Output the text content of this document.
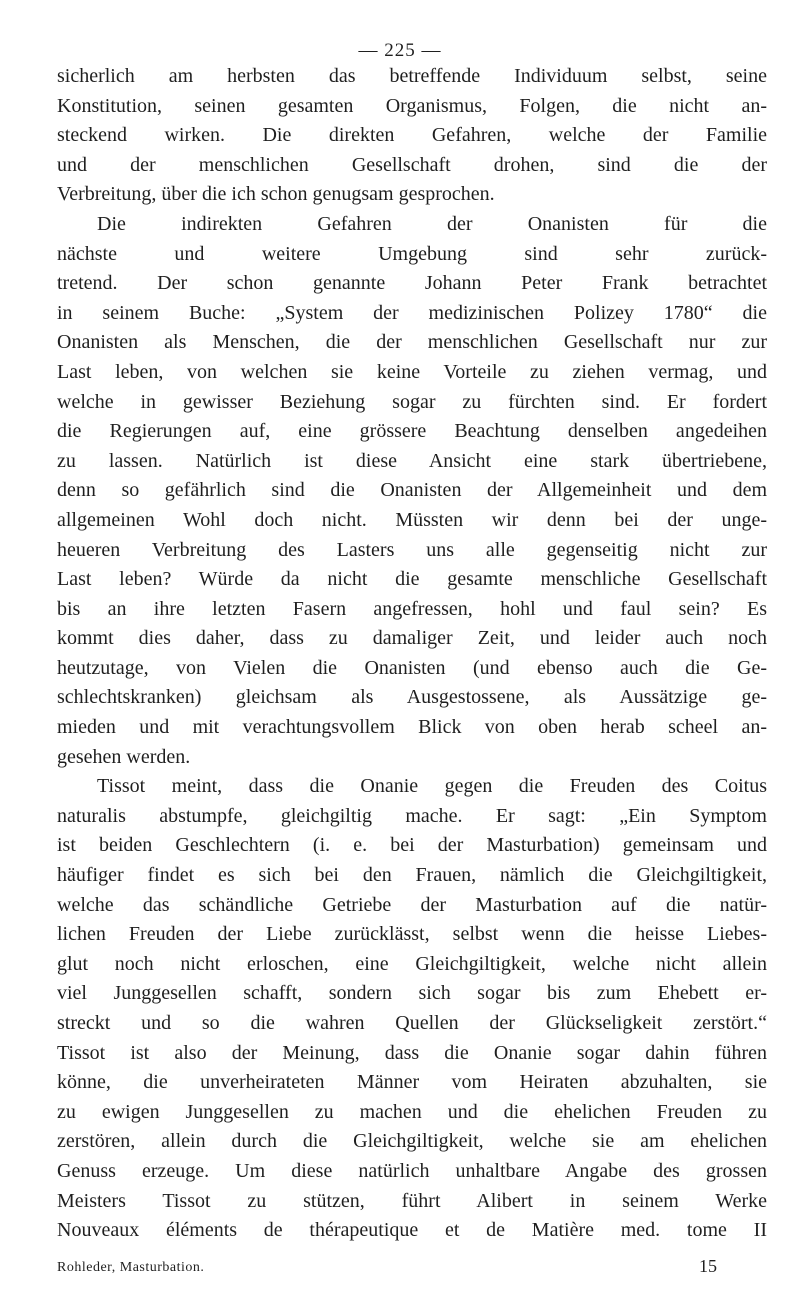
— 225 —
sicherlich am herbsten das betreffende Individuum selbst, seine
Konstitution, seinen gesamten Organismus, Folgen, die nicht an-
steckend wirken. Die direkten Gefahren, welche der Familie
und der menschlichen Gesellschaft drohen, sind die der
Verbreitung, über die ich schon genugsam gesprochen.
Die indirekten Gefahren der Onanisten für die
nächste und weitere Umgebung sind sehr zurück-
tretend. Der schon genannte Johann Peter Frank betrachtet
in seinem Buche: „System der medizinischen Polizey 1780“ die
Onanisten als Menschen, die der menschlichen Gesellschaft nur zur
Last leben, von welchen sie keine Vorteile zu ziehen vermag, und
welche in gewisser Beziehung sogar zu fürchten sind. Er fordert
die Regierungen auf, eine grössere Beachtung denselben angedeihen
zu lassen. Natürlich ist diese Ansicht eine stark übertriebene,
denn so gefährlich sind die Onanisten der Allgemeinheit und dem
allgemeinen Wohl doch nicht. Müssten wir denn bei der unge-
heueren Verbreitung des Lasters uns alle gegenseitig nicht zur
Last leben? Würde da nicht die gesamte menschliche Gesellschaft
bis an ihre letzten Fasern angefressen, hohl und faul sein? Es
kommt dies daher, dass zu damaliger Zeit, und leider auch noch
heutzutage, von Vielen die Onanisten (und ebenso auch die Ge-
schlechtskranken) gleichsam als Ausgestossene, als Aussätzige ge-
mieden und mit verachtungsvollem Blick von oben herab scheel an-
gesehen werden.
Tissot meint, dass die Onanie gegen die Freuden des Coitus
naturalis abstumpfe, gleichgiltig mache. Er sagt: „Ein Symptom
ist beiden Geschlechtern (i. e. bei der Masturbation) gemeinsam und
häufiger findet es sich bei den Frauen, nämlich die Gleichgiltigkeit,
welche das schändliche Getriebe der Masturbation auf die natür-
lichen Freuden der Liebe zurücklässt, selbst wenn die heisse Liebes-
glut noch nicht erloschen, eine Gleichgiltigkeit, welche nicht allein
viel Junggesellen schafft, sondern sich sogar bis zum Ehebett er-
streckt und so die wahren Quellen der Glückseligkeit zerstört.“
Tissot ist also der Meinung, dass die Onanie sogar dahin führen
könne, die unverheirateten Männer vom Heiraten abzuhalten, sie
zu ewigen Junggesellen zu machen und die ehelichen Freuden zu
zerstören, allein durch die Gleichgiltigkeit, welche sie am ehelichen
Genuss erzeuge. Um diese natürlich unhaltbare Angabe des grossen
Meisters Tissot zu stützen, führt Alibert in seinem Werke
Nouveaux éléments de thérapeutique et de Matière med. tome II
Rohleder, Masturbation.	15
